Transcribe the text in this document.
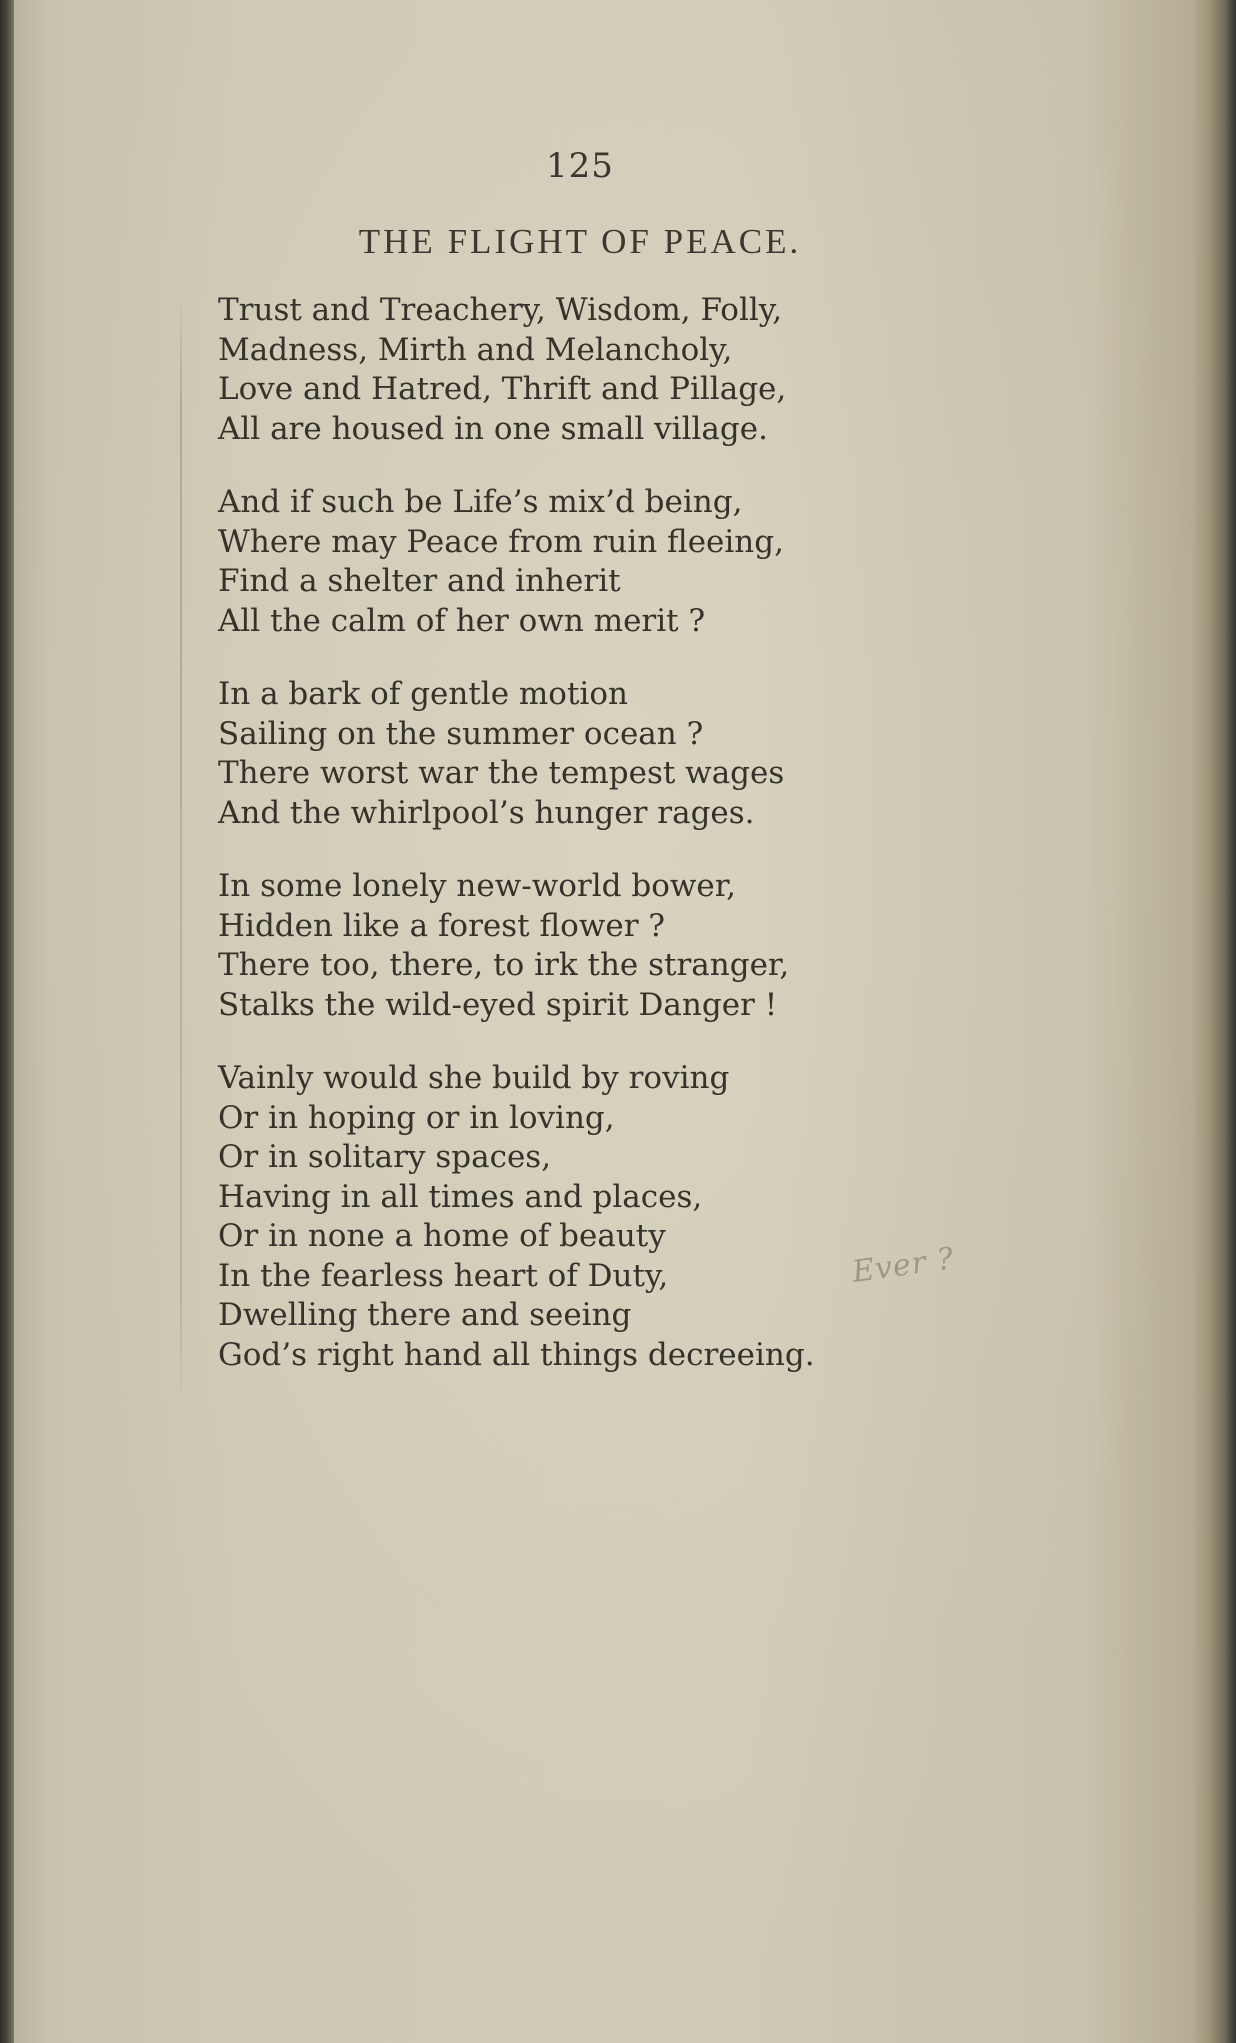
125
THE FLIGHT OF PEACE.
Trust and Treachery, Wisdom, Folly,
Madness, Mirth and Melancholy,
Love and Hatred, Thrift and Pillage,
All are housed in one small village.
And if such be Life’s mix’d being,
Where may Peace from ruin fleeing,
Find a shelter and inherit
All the calm of her own merit ?
In a bark of gentle motion
Sailing on the summer ocean ?
There worst war the tempest wages
And the whirlpool’s hunger rages.
In some lonely new-world bower,
Hidden like a forest flower ?
There too, there, to irk the stranger,
Stalks the wild-eyed spirit Danger !
Vainly would she build by roving
Or in hoping or in loving,
Or in solitary spaces,
Having in all times and places,
Or in none a home of beauty
In the fearless heart of Duty,
Dwelling there and seeing
God’s right hand all things decreeing.
Ever ?
